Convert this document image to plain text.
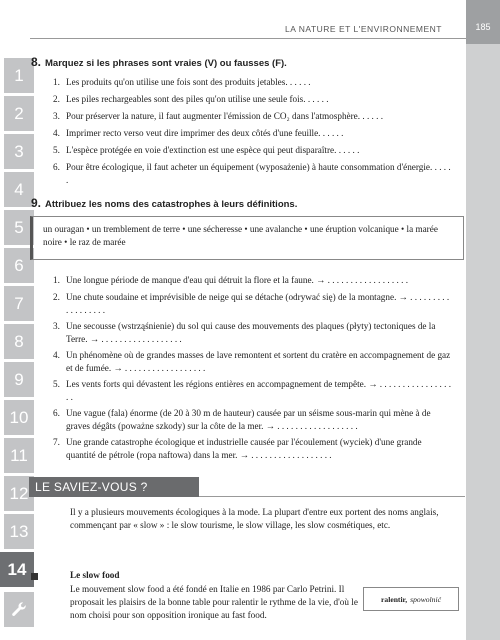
LA NATURE ET L'ENVIRONNEMENT	185
1
2
3
4
5
6
7
8
9
10
11
12
13
14
8. Marquez si les phrases sont vraies (V) ou fausses (F).
1. Les produits qu'on utilise une fois sont des produits jetables. . . . . .
2. Les piles rechargeables sont des piles qu'on utilise une seule fois. . . . . .
3. Pour préserver la nature, il faut augmenter l'émission de CO₂ dans l'atmosphère. . . . . .
4. Imprimer recto verso veut dire imprimer des deux côtés d'une feuille. . . . . .
5. L'espèce protégée en voie d'extinction est une espèce qui peut disparaître. . . . . .
6. Pour être écologique, il faut acheter un équipement (wyposażenie) à haute consommation d'énergie. . . . . .
9. Attribuez les noms des catastrophes à leurs définitions.
un ouragan • un tremblement de terre • une sécheresse • une avalanche • une éruption volcanique • la marée noire • le raz de marée
1. Une longue période de manque d'eau qui détruit la flore et la faune. → . . . . . . . . . . . . . . . . . .
2. Une chute soudaine et imprévisible de neige qui se détache (odrywać się) de la montagne. → . . . . . . . . . . . . . . . . . .
3. Une secousse (wstrząśnienie) du sol qui cause des mouvements des plaques (płyty) tectoniques de la Terre. → . . . . . . . . . . . . . . . . . .
4. Un phénomène où de grandes masses de lave remontent et sortent du cratère en accompagnement de gaz et de fumée. → . . . . . . . . . . . . . . . . . .
5. Les vents forts qui dévastent les régions entières en accompagnement de tempête. → . . . . . . . . . . . . . . . . . .
6. Une vague (fala) énorme (de 20 à 30 m de hauteur) causée par un séisme sous-marin qui mène à de graves dégâts (poważne szkody) sur la côte de la mer. → . . . . . . . . . . . . . . . . . .
7. Une grande catastrophe écologique et industrielle causée par l'écoulement (wyciek) d'une grande quantité de pétrole (ropa naftowa) dans la mer. → . . . . . . . . . . . . . . . . . .
LE SAVIEZ-VOUS ?
Il y a plusieurs mouvements écologiques à la mode. La plupart d'entre eux portent des noms anglais, commençant par « slow » : le slow tourisme, le slow village, les slow cosmétiques, etc.
Le slow food
Le mouvement slow food a été fondé en Italie en 1986 par Carlo Petrini. Il proposait les plaisirs de la bonne table pour ralentir le rythme de la vie, d'où le nom choisi pour son opposition ironique au fast food.
ralentir, spowolnić
